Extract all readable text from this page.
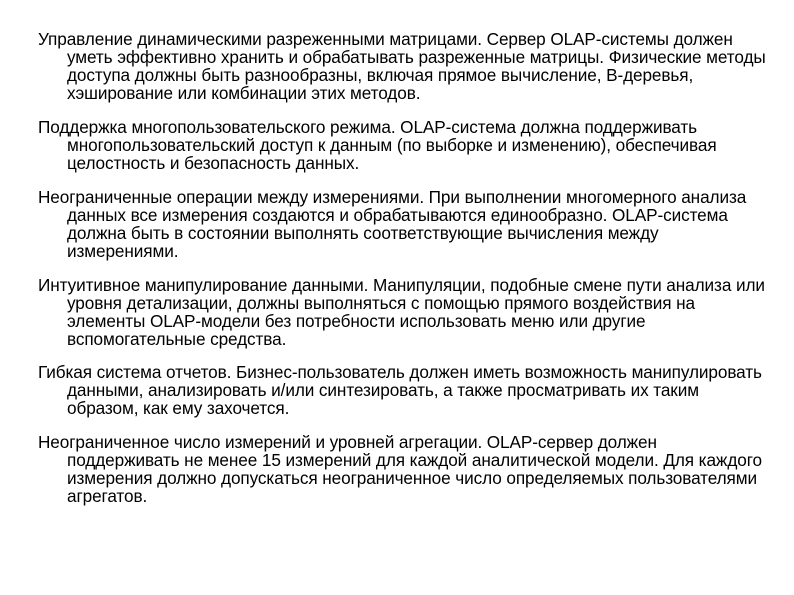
Управление динамическими разреженными матрицами. Сервер OLAP-системы должен уметь эффективно хранить и обрабатывать разреженные матрицы. Физические методы доступа должны быть разнообразны, включая прямое вычисление, B-деревья, хэширование или комбинации этих методов.

Поддержка многопользовательского режима. OLAP-система должна поддерживать многопользовательский доступ к данным (по выборке и изменению), обеспечивая целостность и безопасность данных.

Неограниченные операции между измерениями. При выполнении многомерного анализа данных все измерения создаются и обрабатываются единообразно. OLAP-система должна быть в состоянии выполнять соответствующие вычисления между измерениями.

Интуитивное манипулирование данными. Манипуляции, подобные смене пути анализа или уровня детализации, должны выполняться с помощью прямого воздействия на элементы OLAP-модели без потребности использовать меню или другие вспомогательные средства.

Гибкая система отчетов. Бизнес-пользователь должен иметь возможность манипулировать данными, анализировать и/или синтезировать, а также просматривать их таким образом, как ему захочется.

Неограниченное число измерений и уровней агрегации. OLAP-сервер должен поддерживать не менее 15 измерений для каждой аналитической модели. Для каждого измерения должно допускаться неограниченное число определяемых пользователями агрегатов.
